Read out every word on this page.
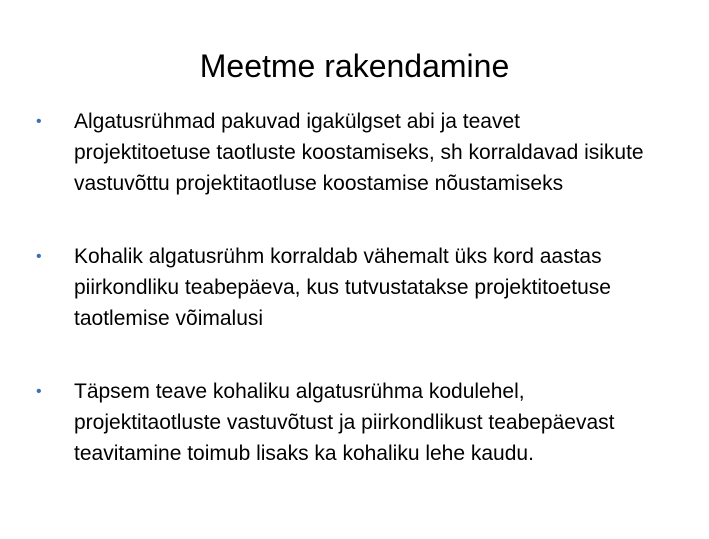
Meetme rakendamine
•	Algatusrühmad pakuvad igakülgset abi ja teavet projektitoetuse taotluste koostamiseks, sh korraldavad isikute vastuvõttu projektitaotluse koostamise nõustamiseks
•	Kohalik algatusrühm korraldab vähemalt üks kord aastas piirkondliku teabepäeva, kus tutvustatakse projektitoetuse taotlemise võimalusi
•	Täpsem teave kohaliku algatusrühma kodulehel, projektitaotluste vastuvõtust ja piirkondlikust teabepäevast teavitamine toimub lisaks ka kohaliku lehe kaudu.
